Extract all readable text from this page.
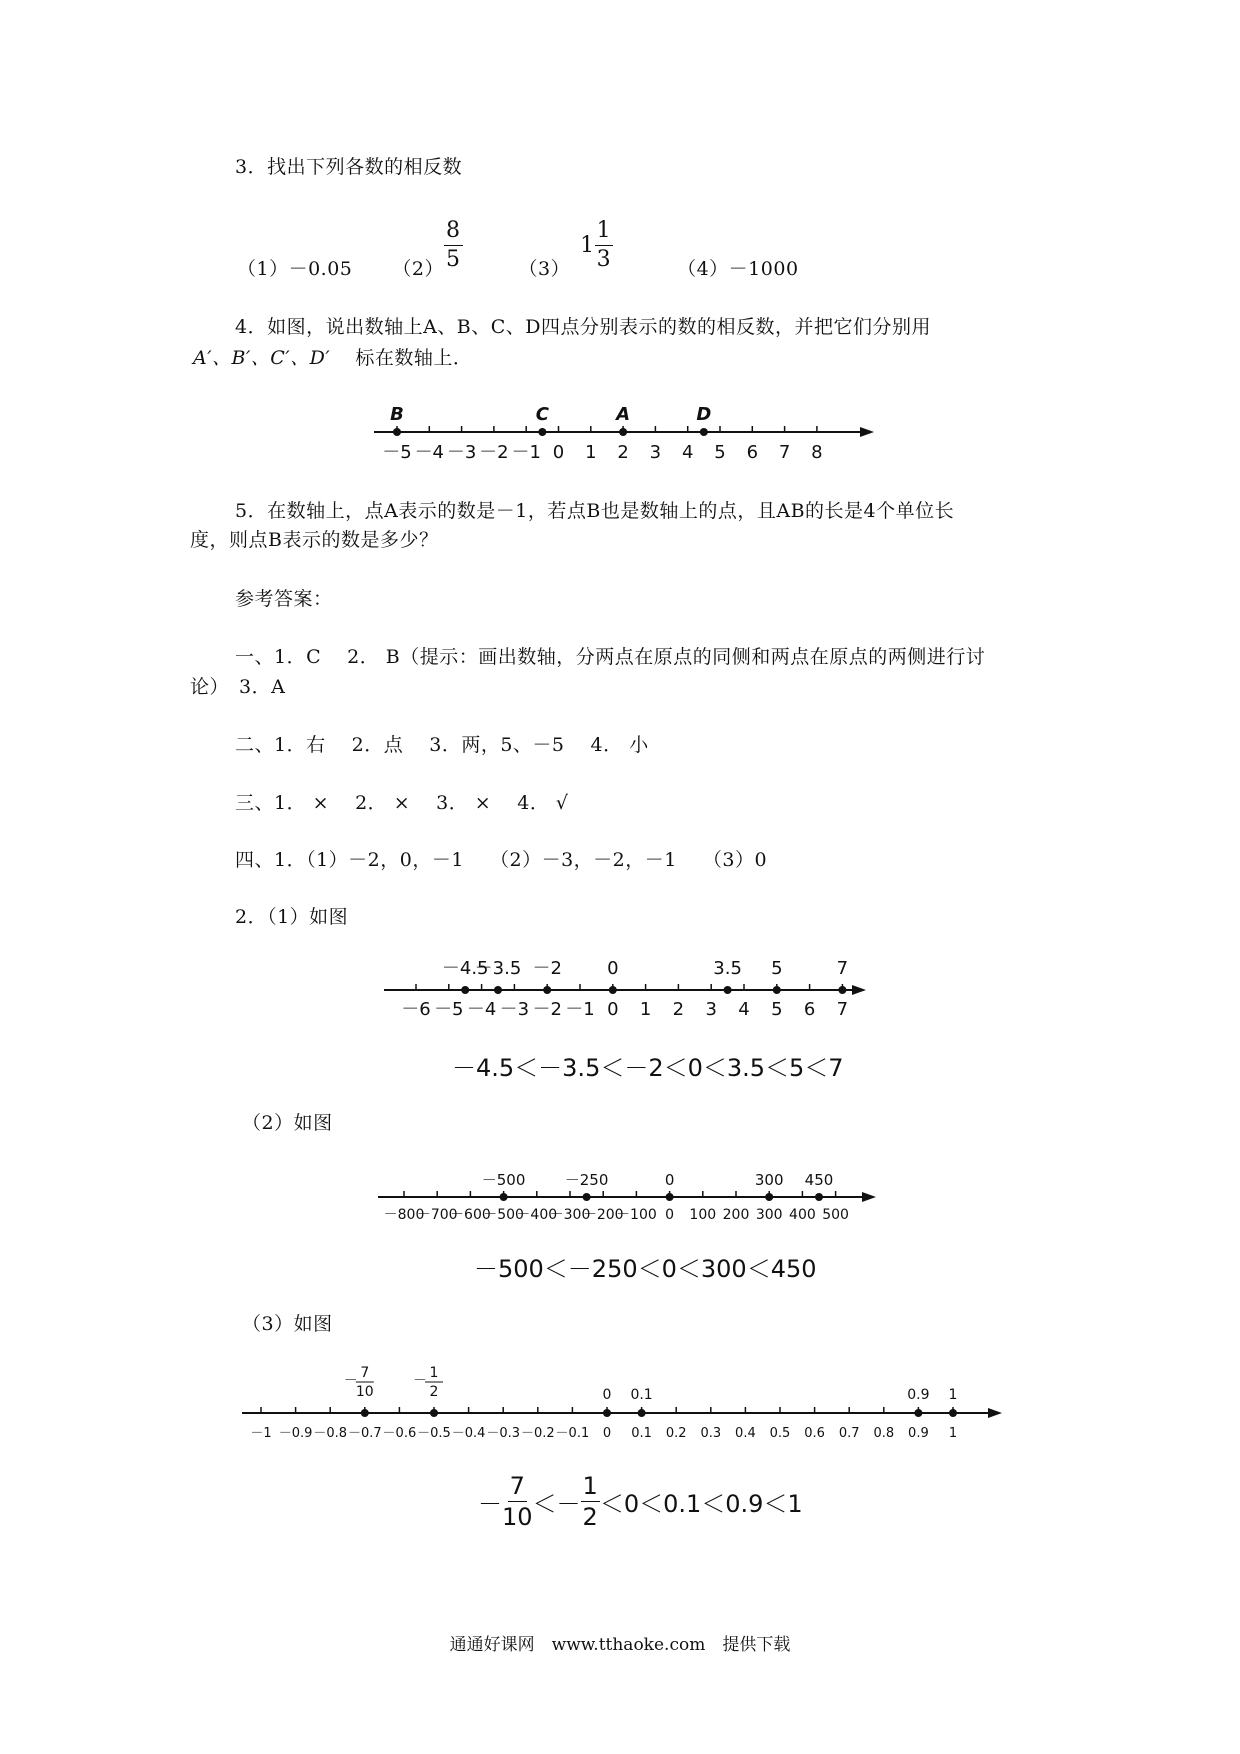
3．找出下列各数的相反数
（1）－0.05 $(2) \frac{8}{5}$	（3）
$1 \frac{1}{3}$	（4）－1000
4．如图，说出数轴上A、B、C、D四点分别表示的数的相反数，并把它们分别用
A′、B′、C′、D′ 标在数轴上．
5．在数轴上，点A表示的数是－1，若点B也是数轴上的点，且AB的长是4个单位长
度，则点B表示的数是多少？
参考答案：
一、1．C　 2． B（提示：画出数轴，分两点在原点的同侧和两点在原点的两侧进行讨
论）　3．A
二、1．右　 2．点　 3．两，5、－5　 4． 小
三、1． ×　 2． ×　 3． ×　 4． √
四、1．（1）－2，0，－1　 （2）－3，－2，－1　 （3）0
2．（1）如图
－4.5＜－3.5＜－2＜0＜3.5＜5＜7
（2）如图
－500＜－250＜0＜300＜450
（3）如图
－ $\frac{7}{10} <- \frac{1}{2} <0<0.1<0.9<1$
－5 －4 －3 －2 －1 0 1 2 3 4 5 6 7 8
B	C	A	D
－6 －5 －4 －3 －2 －1 0 1 2 3 4 5 6 7
－4.5
－3.5 －2	0	3.5 5	7
－800
－700
－600
－500
－400
－300
－200
－100 0 100 200 300 400 500
－500	－250	0	300 450
－1 －0.9 －0.8 －0.7 －0.6 －0.5 －0.4 －0.3 －0.2 －0.1 0 0.1 0.2 0.3 0.4 0.5 0.6 0.7 0.8 0.9 1
－ 7
10
－ 1
2	0 0.1	0.9 1
通通好课网　www.tthaoke.com　提供下载
